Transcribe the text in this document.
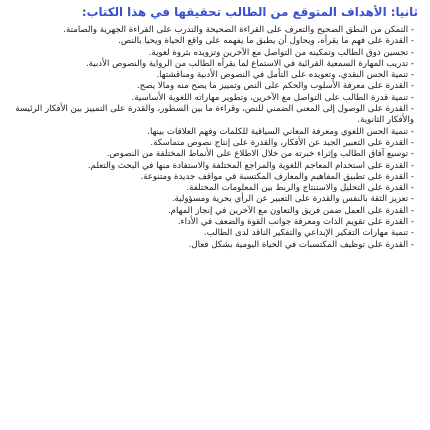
ثانيا: الأهداف المتوقع من الطالب تحقيقها في هذا الكتاب:
- التمكن من النطق الصحيح والتعرف على القراءة الصحيحة والتدرب على القراءة الجهرية والصامتة.
- القدرة على فهم ما يقرأه، ويحاول أن يطبق ما يفهمه على واقع الحياة ويحيا بالنص.
- تحسين ذوق الطالب وتمكينه من التواصل مع الآخرين وتزويده بثروة لغوية.
- تدريب المهارة السمعية القرائية في الاستماع لما يقرأه الطالب من الرواية والنصوص الأدبية.
- تنمية الحس النقدي، وتعويده على التأمل في النصوص الأدبية ومناقشتها.
- القدرة على معرفة الأسلوب والحكم على النص وتمييز ما يصح منه ومالا يصح.
- تنمية قدرة الطالب على التواصل مع الآخرين، وتطوير مهاراته اللغوية الأساسية.
- القدرة على الوصول إلى المعنى الضمني للنص، وقراءة ما بين السطور، والقدرة على التمييز بين الأفكار الرئيسة والأفكار الثانوية.
- تنمية الحس اللغوي ومعرفة المعاني السياقية للكلمات وفهم العلاقات بينها.
- القدرة على التعبير الجيد عن الأفكار، والقدرة على إنتاج نصوص متماسكة.
- توسيع آفاق الطالب وإثراء خبرته من خلال الاطلاع على الأنماط المختلفة من النصوص.
- القدرة على استخدام المعاجم اللغوية والمراجع المختلفة والاستفادة منها في البحث والتعلم.
- القدرة على تطبيق المفاهيم والمعارف المكتسبة في مواقف جديدة ومتنوعة.
- القدرة على التحليل والاستنتاج والربط بين المعلومات المختلفة.
- تعزيز الثقة بالنفس والقدرة على التعبير عن الرأي بحرية ومسؤولية.
- القدرة على العمل ضمن فريق والتعاون مع الآخرين في إنجاز المهام.
- القدرة على تقويم الذات ومعرفة جوانب القوة والضعف في الأداء.
- تنمية مهارات التفكير الإبداعي والتفكير الناقد لدى الطالب.
- القدرة على توظيف المكتسبات في الحياة اليومية بشكل فعال.
